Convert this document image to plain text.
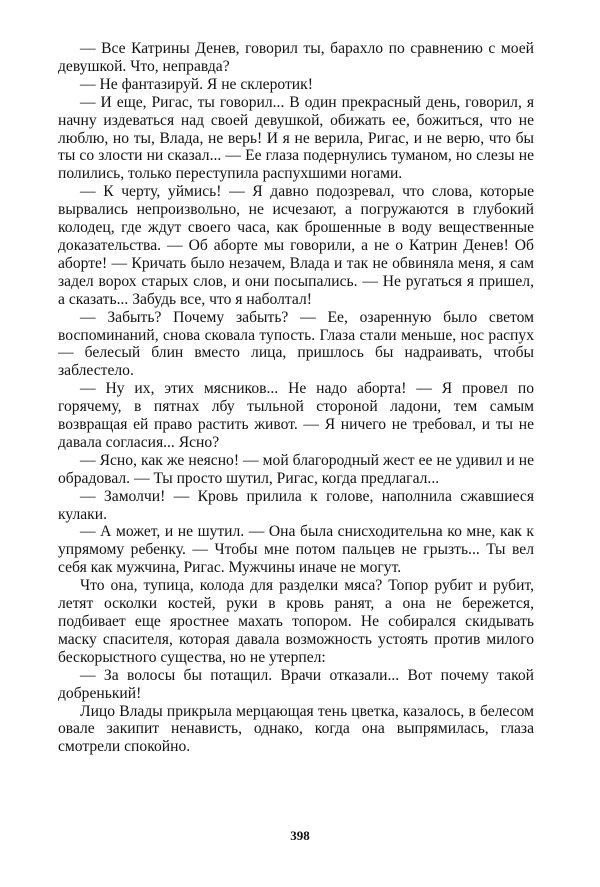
— Все Катрины Денев, говорил ты, барахло по сравнению с моей девушкой. Что, неправда?

— Не фантазируй. Я не склеротик!

— И еще, Ригас, ты говорил... В один прекрасный день, говорил, я начну издеваться над своей девушкой, обижать ее, божиться, что не люблю, но ты, Влада, не верь! И я не верила, Ригас, и не верю, что бы ты со злости ни сказал... — Ее глаза подернулись туманом, но слезы не полились, только переступила распухшими ногами.

— К черту, уймись! — Я давно подозревал, что слова, которые вырвались непроизвольно, не исчезают, а погружаются в глубокий колодец, где ждут своего часа, как брошенные в воду вещественные доказательства. — Об аборте мы говорили, а не о Катрин Денев! Об аборте! — Кричать было незачем, Влада и так не обвиняла меня, я сам задел ворох старых слов, и они посыпались. — Не ругаться я пришел, а сказать... Забудь все, что я наболтал!

— Забыть? Почему забыть? — Ее, озаренную было светом воспоминаний, снова сковала тупость. Глаза стали меньше, нос распух — белесый блин вместо лица, пришлось бы надраивать, чтобы заблестело.

— Ну их, этих мясников... Не надо аборта! — Я провел по горячему, в пятнах лбу тыльной стороной ладони, тем самым возвращая ей право растить живот. — Я ничего не требовал, и ты не давала согласия... Ясно?

— Ясно, как же неясно! — мой благородный жест ее не удивил и не обрадовал. — Ты просто шутил, Ригас, когда предлагал...

— Замолчи! — Кровь прилила к голове, наполнила сжавшиеся кулаки.

— А может, и не шутил. — Она была снисходительна ко мне, как к упрямому ребенку. — Чтобы мне потом пальцев не грызть... Ты вел себя как мужчина, Ригас. Мужчины иначе не могут.

Что она, тупица, колода для разделки мяса? Топор рубит и рубит, летят осколки костей, руки в кровь ранят, а она не бережется, подбивает еще яростнее махать топором. Не собирался скидывать маску спасителя, которая давала возможность устоять против милого бескорыстного существа, но не утерпел:

— За волосы бы потащил. Врачи отказали... Вот почему такой добренький!

Лицо Влады прикрыла мерцающая тень цветка, казалось, в белесом овале закипит ненависть, однако, когда она выпрямилась, глаза смотрели спокойно.

398
